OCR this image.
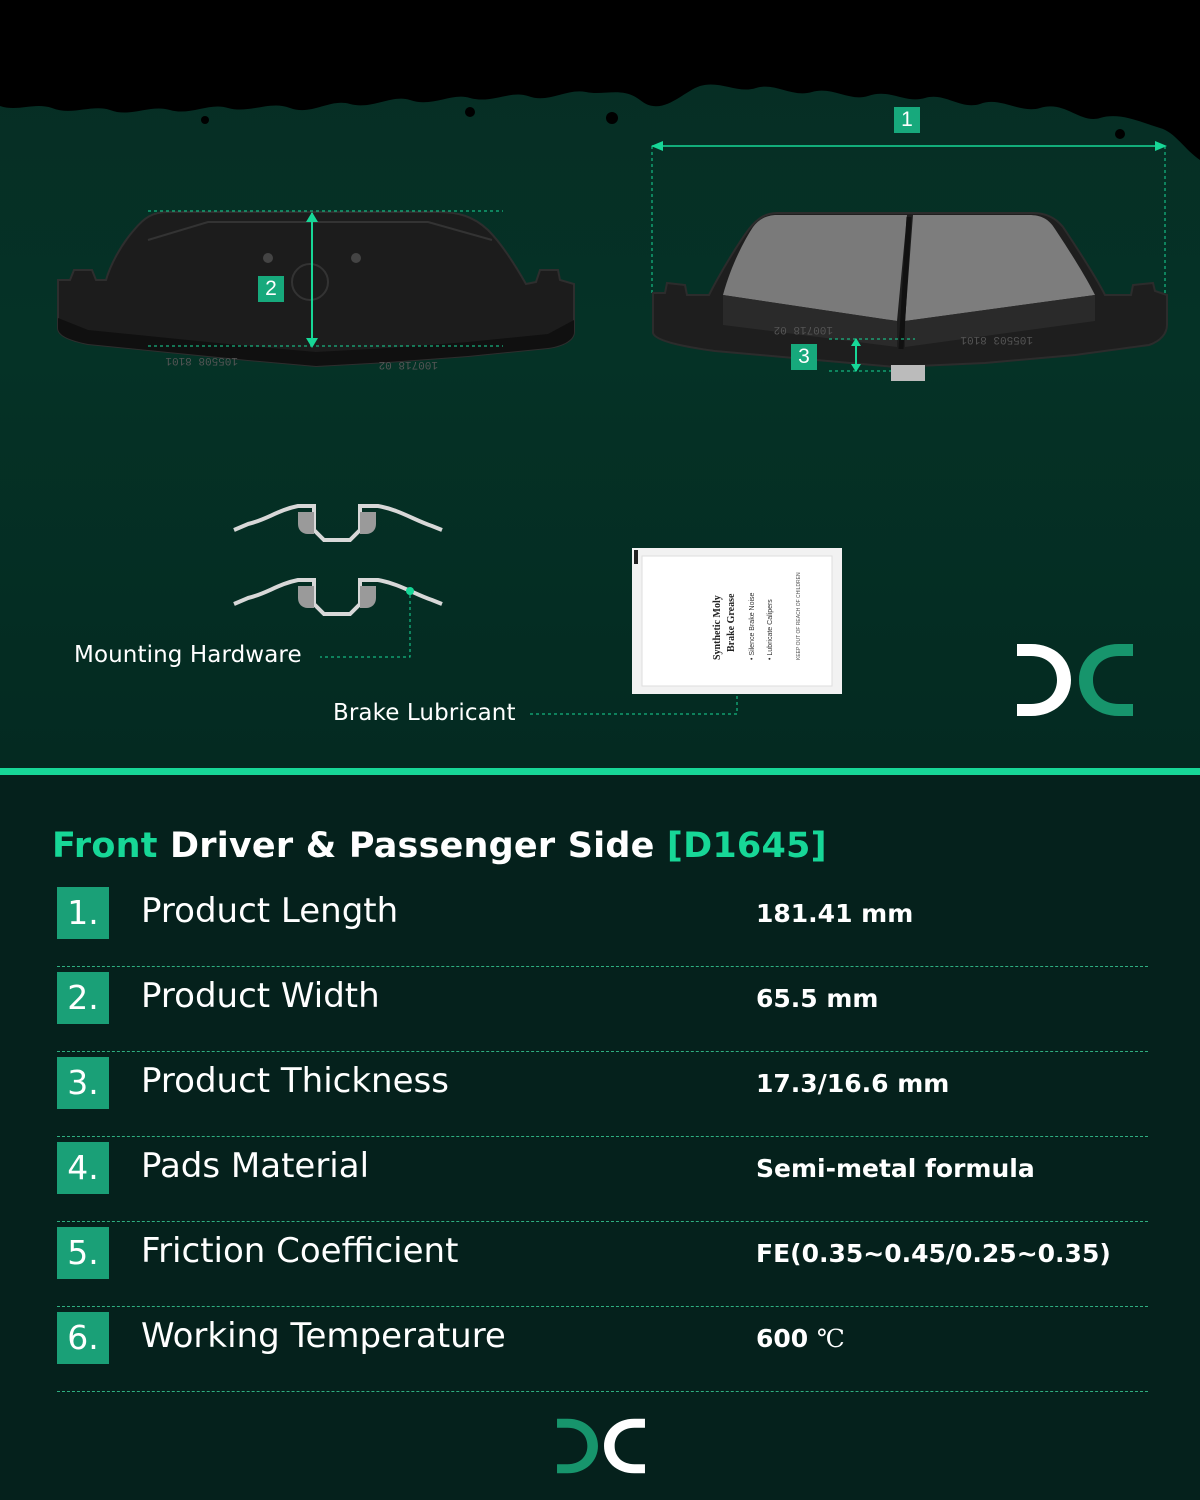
105508 8101	100718 02
2
105503 8101
100718 02
1
3
Mounting Hardware
Brake Lubricant
Synthetic Moly Brake Grease • Silence Brake Noise • Lubricate Calipers	KEEP OUT OF REACH OF CHILDREN
Front Driver & Passenger Side [D1645]
1.	Product Length	181.41 mm
2.	Product Width	65.5 mm
3.	Product Thickness	17.3/16.6 mm
4.	Pads Material	Semi-metal formula
5.	Friction Coefficient	FE(0.35~0.45/0.25~0.35)
6.	Working Temperature	600 ℃
